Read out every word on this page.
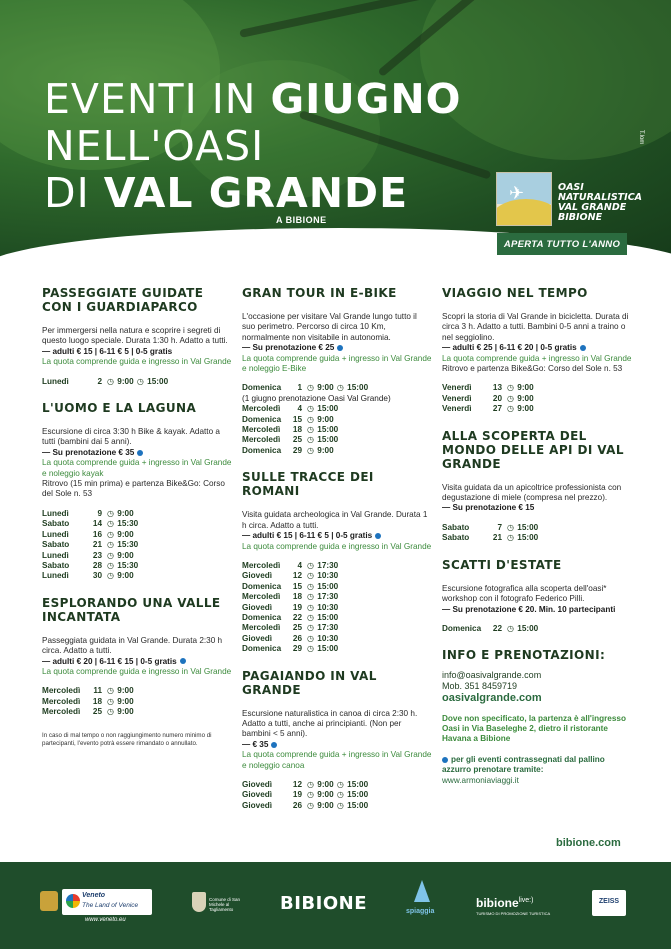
EVENTI IN GIUGNO
NELL'OASI
DI VAL GRANDE
A BIBIONE
T.lom
✈	OASI
NATURALISTICA
VAL GRANDE
BIBIONE
APERTA TUTTO L'ANNO
PASSEGGIATE GUIDATE CON I GUARDIAPARCO

Per immergersi nella natura e scoprire i segreti di questo luogo speciale. Durata 1:30 h. Adatto a tutti.

— adulti € 15 | 6-11 € 5 | 0-5 gratis

La quota comprende guida e ingresso in Val Grande

Lunedì	2 ◷ 9:00 ◷ 15:00
L'UOMO E LA LAGUNA

Escursione di circa 3:30 h Bike & kayak. Adatto a tutti (bambini dai 5 anni).

— Su prenotazione € 35

La quota comprende guida + ingresso in Val Grande e noleggio kayak

Ritrovo (15 min prima) e partenza Bike&Go: Corso del Sole n. 53

Lunedì	9 ◷ 9:00
Sabato	14 ◷ 15:30
Lunedì	16 ◷ 9:00
Sabato	21 ◷ 15:30
Lunedì	23 ◷ 9:00
Sabato	28 ◷ 15:30
Lunedì	30 ◷ 9:00
ESPLORANDO UNA VALLE INCANTATA

Passeggiata guidata in Val Grande. Durata 2:30 h circa. Adatto a tutti.

— adulti € 20 | 6-11 € 15 | 0-5 gratis

La quota comprende guida e ingresso in Val Grande

Mercoledì	11 ◷ 9:00
Mercoledì	18 ◷ 9:00
Mercoledì	25 ◷ 9:00

In caso di mal tempo o non raggiungimento numero minimo di partecipanti, l'evento potrà essere rimandato o annullato.

GRAN TOUR IN E-BIKE

L'occasione per visitare Val Grande lungo tutto il suo perimetro. Percorso di circa 10 Km, normalmente non visitabile in autonomia.

— Su prenotazione € 25

La quota comprende guida + ingresso in Val Grande e noleggio E-Bike

Domenica	1 ◷ 9:00 ◷ 15:00
(1 giugno prenotazione Oasi Val Grande)
Mercoledì	4 ◷ 15:00
Domenica	15 ◷ 9:00
Mercoledì	18 ◷ 15:00
Mercoledì	25 ◷ 15:00
Domenica	29 ◷ 9:00
SULLE TRACCE DEI ROMANI

Visita guidata archeologica in Val Grande. Durata 1 h circa. Adatto a tutti.

— adulti € 15 | 6-11 € 5 | 0-5 gratis

La quota comprende guida e ingresso in Val Grande

Mercoledì	4 ◷ 17:30
Giovedì	12 ◷ 10:30
Domenica	15 ◷ 15:00
Mercoledì	18 ◷ 17:30
Giovedì	19 ◷ 10:30
Domenica	22 ◷ 15:00
Mercoledì	25 ◷ 17:30
Giovedì	26 ◷ 10:30
Domenica	29 ◷ 15:00
PAGAIANDO IN VAL GRANDE

Escursione naturalistica in canoa di circa 2:30 h. Adatto a tutti, anche ai principianti. (Non per bambini < 5 anni).

— € 35

La quota comprende guida + ingresso in Val Grande e noleggio canoa

Giovedì	12 ◷ 9:00 ◷ 15:00
Giovedì	19 ◷ 9:00 ◷ 15:00
Giovedì	26 ◷ 9:00 ◷ 15:00
VIAGGIO NEL TEMPO

Scopri la storia di Val Grande in bicicletta. Durata di circa 3 h. Adatto a tutti. Bambini 0-5 anni a traino o nel seggiolino.

— adulti € 25 | 6-11 € 20 | 0-5 gratis

La quota comprende guida + ingresso in Val Grande

Ritrovo e partenza Bike&Go: Corso del Sole n. 53

Venerdì	13 ◷ 9:00
Venerdì	20 ◷ 9:00
Venerdì	27 ◷ 9:00
ALLA SCOPERTA DEL MONDO DELLE API DI VAL GRANDE

Visita guidata da un apicoltrice professionista con degustazione di miele (compresa nel prezzo).

— Su prenotazione € 15

Sabato	7 ◷ 15:00
Sabato	21 ◷ 15:00
SCATTI D'ESTATE

Escursione fotografica alla scoperta dell'oasi* workshop con il fotografo Federico Pilli.

— Su prenotazione € 20. Min. 10 partecipanti

Domenica	22 ◷ 15:00
INFO E PRENOTAZIONI:

info@oasivalgrande.com

Mob. 351 8459719

oasivalgrande.com

Dove non specificato, la partenza è all'ingresso Oasi in Via Baseleghe 2, dietro il ristorante Havana a Bibione

per gli eventi contrassegnati dal pallino azzurro prenotare tramite:

www.armoniaviaggi.it

bibione.com
Veneto
The Land of Venice
www.veneto.eu
Comune di San Michele al Tagliamento	BIBIONE	spiaggia
bibione$^{live:)}$
TURISMO DI PROMOZIONE TURISTICA
ZEISS
